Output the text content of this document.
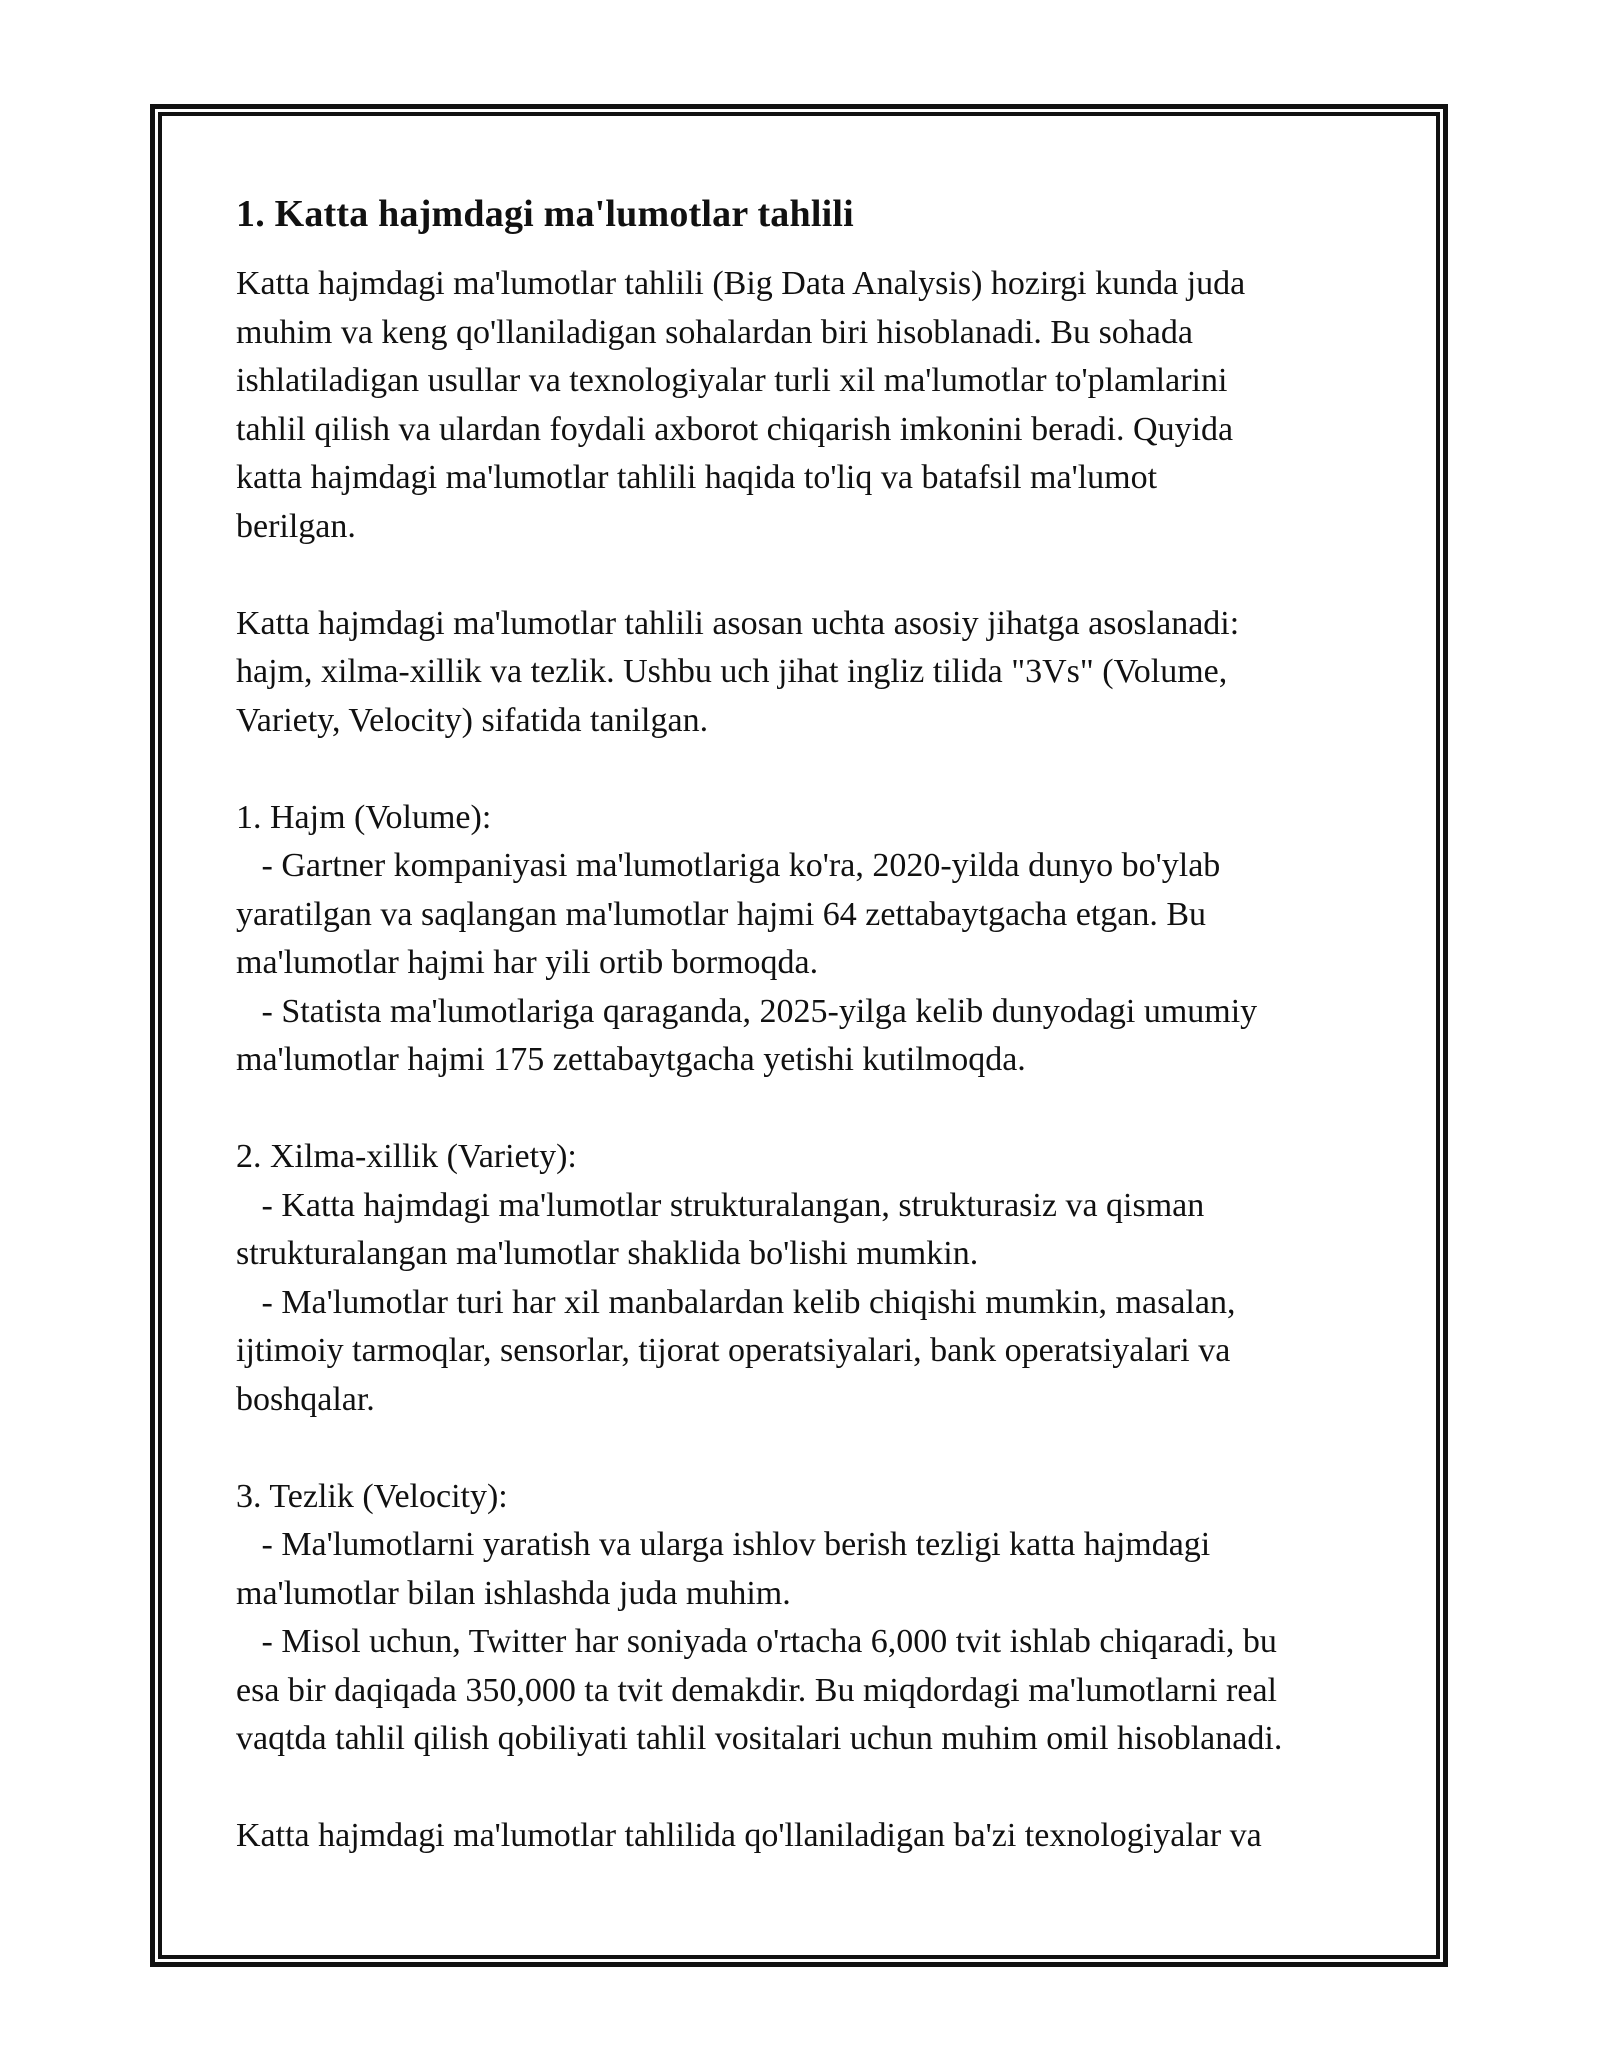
1. Katta hajmdagi ma'lumotlar tahlili

Katta hajmdagi ma'lumotlar tahlili (Big Data Analysis) hozirgi kunda juda
muhim va keng qo'llaniladigan sohalardan biri hisoblanadi. Bu sohada
ishlatiladigan usullar va texnologiyalar turli xil ma'lumotlar to'plamlarini
tahlil qilish va ulardan foydali axborot chiqarish imkonini beradi. Quyida
katta hajmdagi ma'lumotlar tahlili haqida to'liq va batafsil ma'lumot
berilgan.

Katta hajmdagi ma'lumotlar tahlili asosan uchta asosiy jihatga asoslanadi:
hajm, xilma-xillik va tezlik. Ushbu uch jihat ingliz tilida "3Vs" (Volume,
Variety, Velocity) sifatida tanilgan.

1. Hajm (Volume):
- Gartner kompaniyasi ma'lumotlariga ko'ra, 2020-yilda dunyo bo'ylab
yaratilgan va saqlangan ma'lumotlar hajmi 64 zettabaytgacha etgan. Bu
ma'lumotlar hajmi har yili ortib bormoqda.
- Statista ma'lumotlariga qaraganda, 2025-yilga kelib dunyodagi umumiy
ma'lumotlar hajmi 175 zettabaytgacha yetishi kutilmoqda.

2. Xilma-xillik (Variety):
- Katta hajmdagi ma'lumotlar strukturalangan, strukturasiz va qisman
strukturalangan ma'lumotlar shaklida bo'lishi mumkin.
- Ma'lumotlar turi har xil manbalardan kelib chiqishi mumkin, masalan,
ijtimoiy tarmoqlar, sensorlar, tijorat operatsiyalari, bank operatsiyalari va
boshqalar.

3. Tezlik (Velocity):
- Ma'lumotlarni yaratish va ularga ishlov berish tezligi katta hajmdagi
ma'lumotlar bilan ishlashda juda muhim.
- Misol uchun, Twitter har soniyada o'rtacha 6,000 tvit ishlab chiqaradi, bu
esa bir daqiqada 350,000 ta tvit demakdir. Bu miqdordagi ma'lumotlarni real
vaqtda tahlil qilish qobiliyati tahlil vositalari uchun muhim omil hisoblanadi.

Katta hajmdagi ma'lumotlar tahlilida qo'llaniladigan ba'zi texnologiyalar va
